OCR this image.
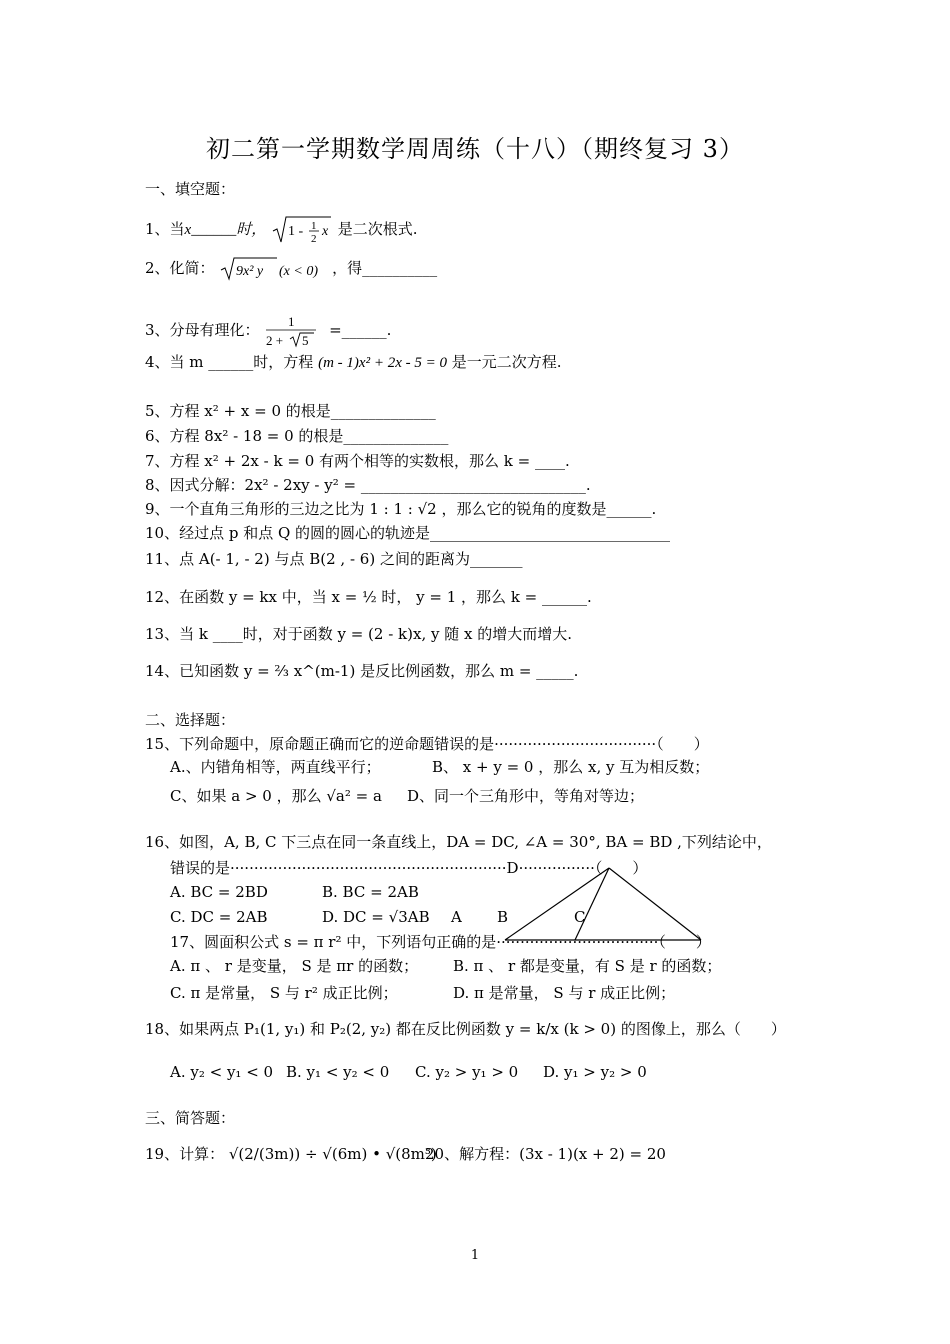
初二第一学期数学周周练（十八）（期终复习 3）
一、填空题：
1、当x______时， 1 - 1
2 x 是二次根式.
2、化简： 9x² y (x < 0) ，得__________
3、分母有理化： 1
2 + 5
=______.
4、当 m ______时，方程 (m - 1)x² + 2x - 5 = 0 是一元二次方程.
5、方程 x² + x = 0 的根是______________
6、方程 8x² - 18 = 0 的根是______________
7、方程 x² + 2x - k = 0 有两个相等的实数根，那么 k = ____.
8、因式分解：2x² - 2xy - y² = ______________________________.
9、一个直角三角形的三边之比为 1 : 1 : √2 ，那么它的锐角的度数是______.
10、经过点 p 和点 Q 的圆的圆心的轨迹是________________________________
11、点 A(- 1, - 2) 与点 B(2 , - 6) 之间的距离为_______
12、在函数 y = kx 中，当 x = ½ 时， y = 1 ，那么 k = ______.
13、当 k ____时，对于函数 y = (2 - k)x, y 随 x 的增大而增大.
14、已知函数 y = ⅔ x^(m-1) 是反比例函数，那么 m = _____.
二、选择题：
15、下列命题中，原命题正确而它的逆命题错误的是··································（　　）
A.、内错角相等，两直线平行；	B、 x + y = 0 ，那么 x, y 互为相反数；
C、如果 a > 0 ，那么 √a² = a D、同一个三角形中，等角对等边；
16、如图，A, B, C 下三点在同一条直线上，DA = DC, ∠A = 30°, BA = BD ,下列结论中，
错误的是··························································D················（　　）
A. BC = 2BD	B. BC = 2AB
C. DC = 2AB	D. DC = √3AB A B	C
17、圆面积公式 s = π r² 中，下列语句正确的是··································（　　）
A. π 、 r 是变量， S 是 πr 的函数； B. π 、 r 都是变量，有 S 是 r 的函数；
C. π 是常量， S 与 r² 成正比例；	D. π 是常量， S 与 r 成正比例；
18、如果两点 P₁(1, y₁) 和 P₂(2, y₂) 都在反比例函数 y = k/x (k > 0) 的图像上，那么（　　）
A. y₂ < y₁ < 0 B. y₁ < y₂ < 0 C. y₂ > y₁ > 0 D. y₁ > y₂ > 0
三、简答题：
19、计算： √(2/(3m)) ÷ √(6m) • √(8m³)
20、解方程：(3x - 1)(x + 2) = 20
1
